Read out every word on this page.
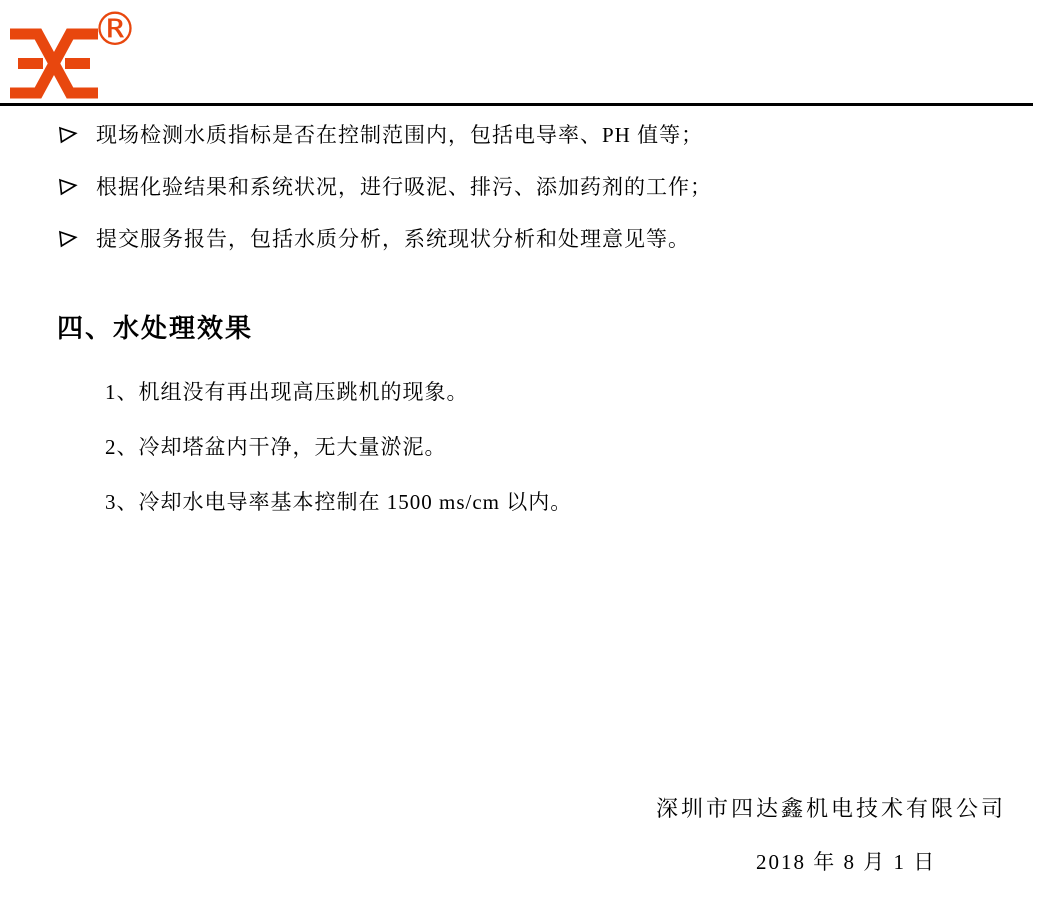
®
现场检测水质指标是否在控制范围内，包括电导率、PH 值等；
根据化验结果和系统状况，进行吸泥、排污、添加药剂的工作；
提交服务报告，包括水质分析，系统现状分析和处理意见等。
四、水处理效果
1、机组没有再出现高压跳机的现象。
2、冷却塔盆内干净，无大量淤泥。
3、冷却水电导率基本控制在 1500 ms/cm 以内。
深圳市四达鑫机电技术有限公司
2018 年 8 月 1 日
